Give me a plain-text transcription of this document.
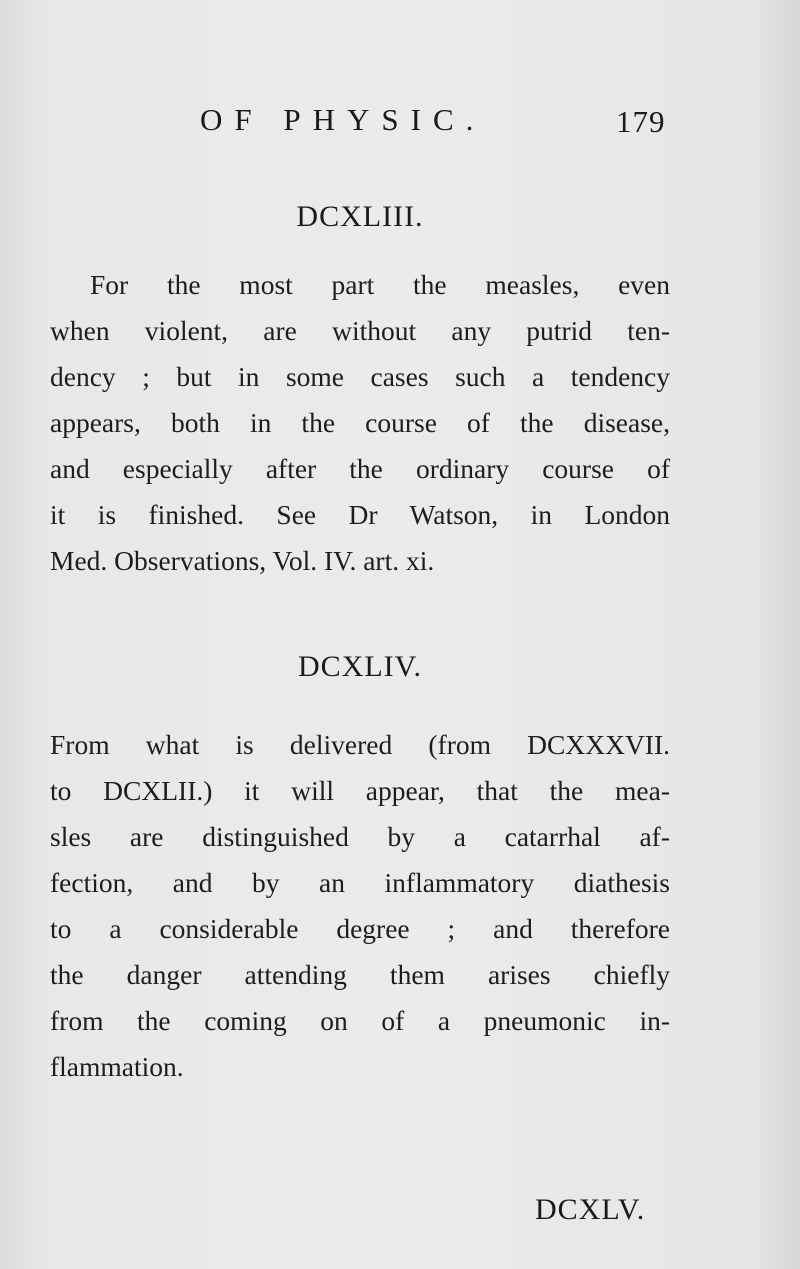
OF PHYSIC.	179
DCXLIII.
For the most part the measles, even
when violent, are without any putrid ten-
dency ; but in some cases such a tendency
appears, both in the course of the disease,
and especially after the ordinary course of
it is finished. See Dr Watson, in London
Med. Observations, Vol. IV. art. xi.
DCXLIV.
From what is delivered (from DCXXXVII.
to DCXLII.) it will appear, that the mea-
sles are distinguished by a catarrhal af-
fection, and by an inflammatory diathesis
to a considerable degree ; and therefore
the danger attending them arises chiefly
from the coming on of a pneumonic in-
flammation.
DCXLV.
